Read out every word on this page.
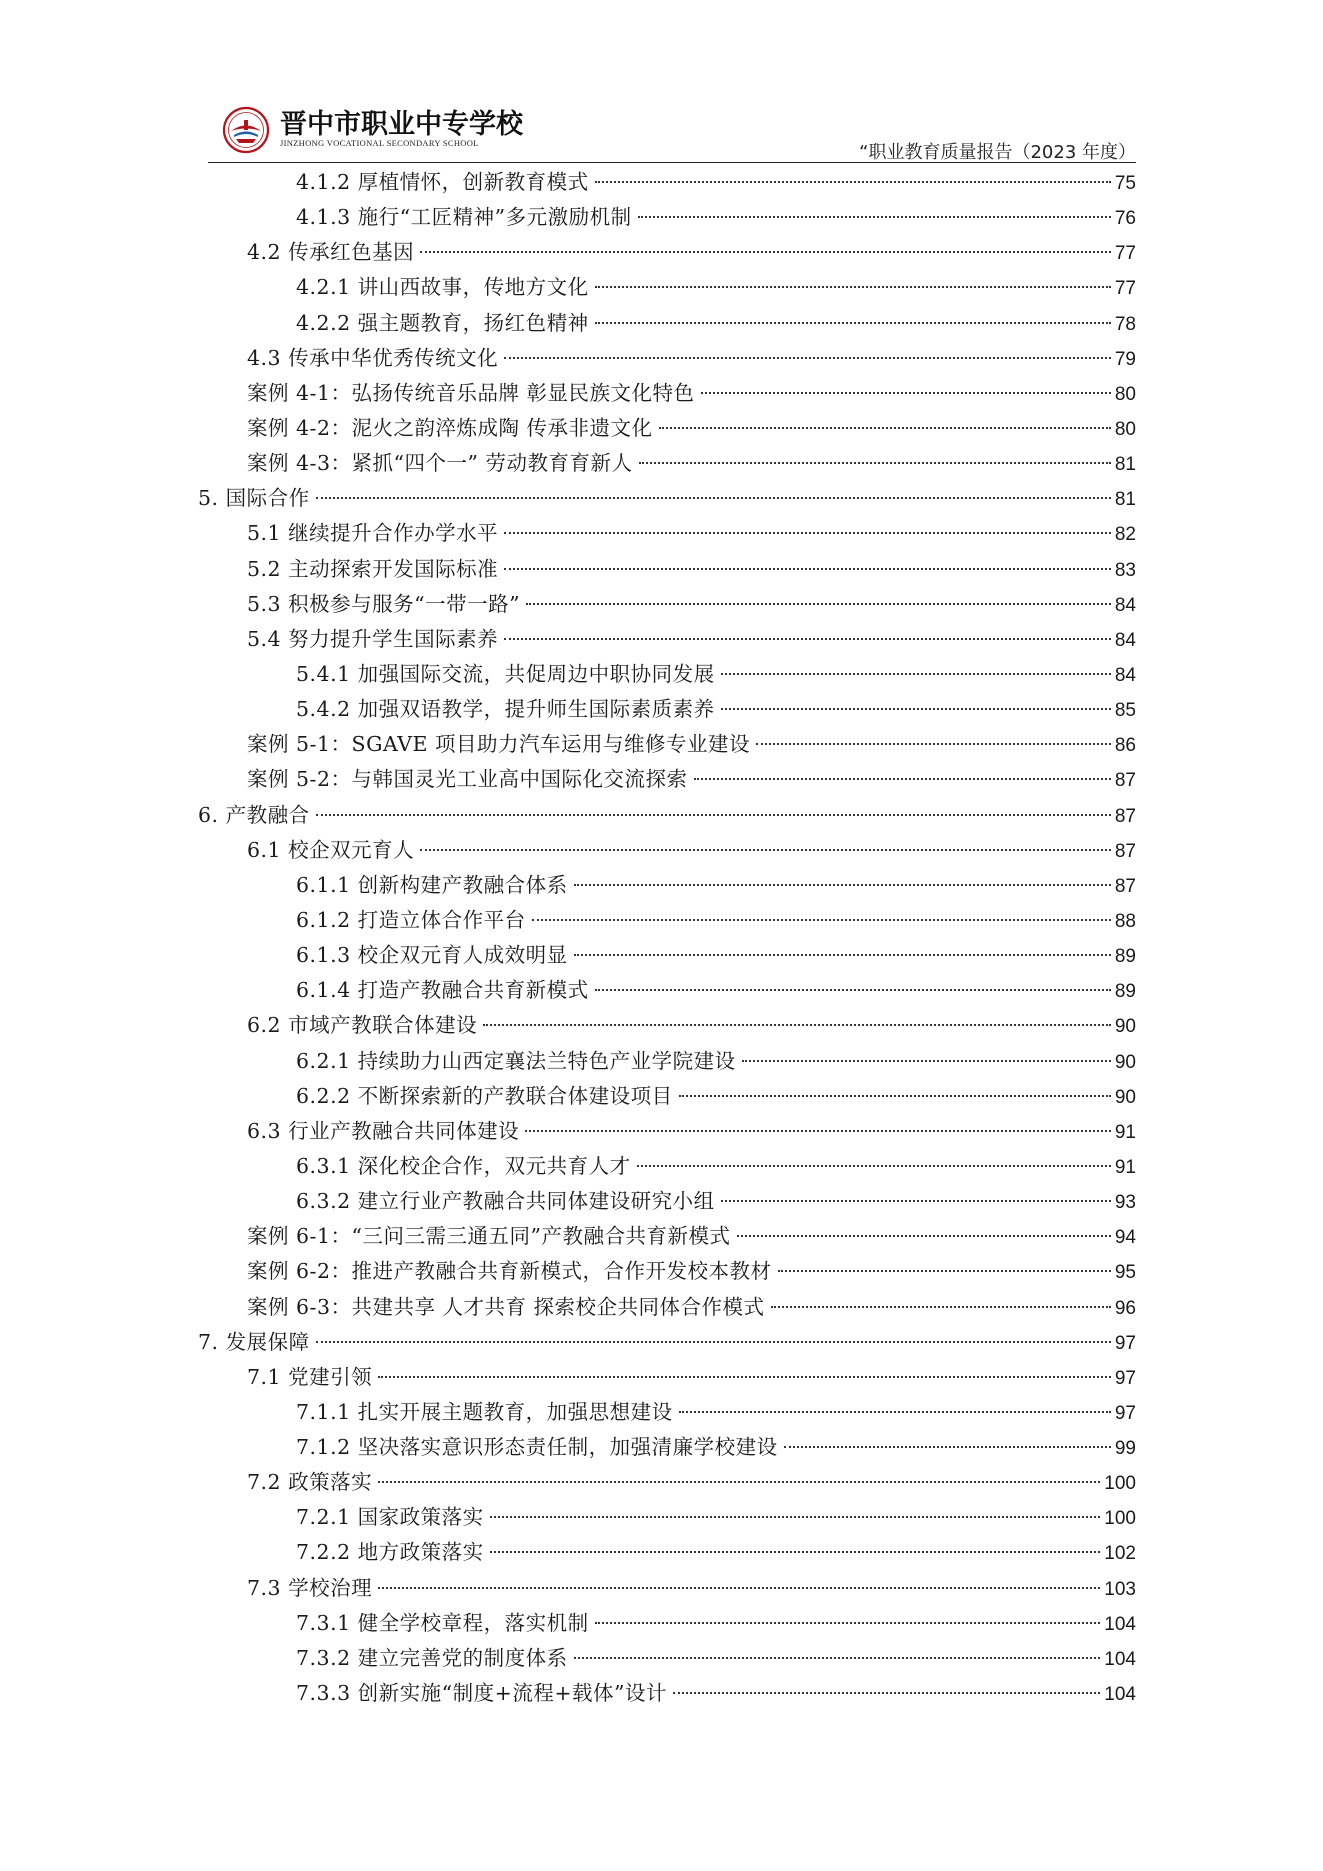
晋中市职业中专学校
JINZHONG VOCATIONAL SECONDARY SCHOOL	“职业教育质量报告（2023 年度）
4.1.2 厚植情怀，创新教育模式	75
4.1.3 施行“工匠精神”多元激励机制	76
4.2 传承红色基因	77
4.2.1 讲山西故事，传地方文化	77
4.2.2 强主题教育，扬红色精神	78
4.3 传承中华优秀传统文化	79
案例 4-1：弘扬传统音乐品牌 彰显民族文化特色	80
案例 4-2：泥火之韵淬炼成陶 传承非遗文化	80
案例 4-3：紧抓“四个一” 劳动教育育新人	81
5. 国际合作	81
5.1 继续提升合作办学水平	82
5.2 主动探索开发国际标准	83
5.3 积极参与服务“一带一路”	84
5.4 努力提升学生国际素养	84
5.4.1 加强国际交流，共促周边中职协同发展	84
5.4.2 加强双语教学，提升师生国际素质素养	85
案例 5-1：SGAVE 项目助力汽车运用与维修专业建设	86
案例 5-2：与韩国灵光工业高中国际化交流探索	87
6. 产教融合	87
6.1 校企双元育人	87
6.1.1 创新构建产教融合体系	87
6.1.2 打造立体合作平台	88
6.1.3 校企双元育人成效明显	89
6.1.4 打造产教融合共育新模式	89
6.2 市域产教联合体建设	90
6.2.1 持续助力山西定襄法兰特色产业学院建设	90
6.2.2 不断探索新的产教联合体建设项目	90
6.3 行业产教融合共同体建设	91
6.3.1 深化校企合作，双元共育人才	91
6.3.2 建立行业产教融合共同体建设研究小组	93
案例 6-1：“三问三需三通五同”产教融合共育新模式	94
案例 6-2：推进产教融合共育新模式，合作开发校本教材	95
案例 6-3：共建共享 人才共育 探索校企共同体合作模式	96
7. 发展保障	97
7.1 党建引领	97
7.1.1 扎实开展主题教育，加强思想建设	97
7.1.2 坚决落实意识形态责任制，加强清廉学校建设	99
7.2 政策落实	100
7.2.1 国家政策落实	100
7.2.2 地方政策落实	102
7.3 学校治理	103
7.3.1 健全学校章程，落实机制	104
7.3.2 建立完善党的制度体系	104
7.3.3 创新实施“制度+流程+载体”设计	104
